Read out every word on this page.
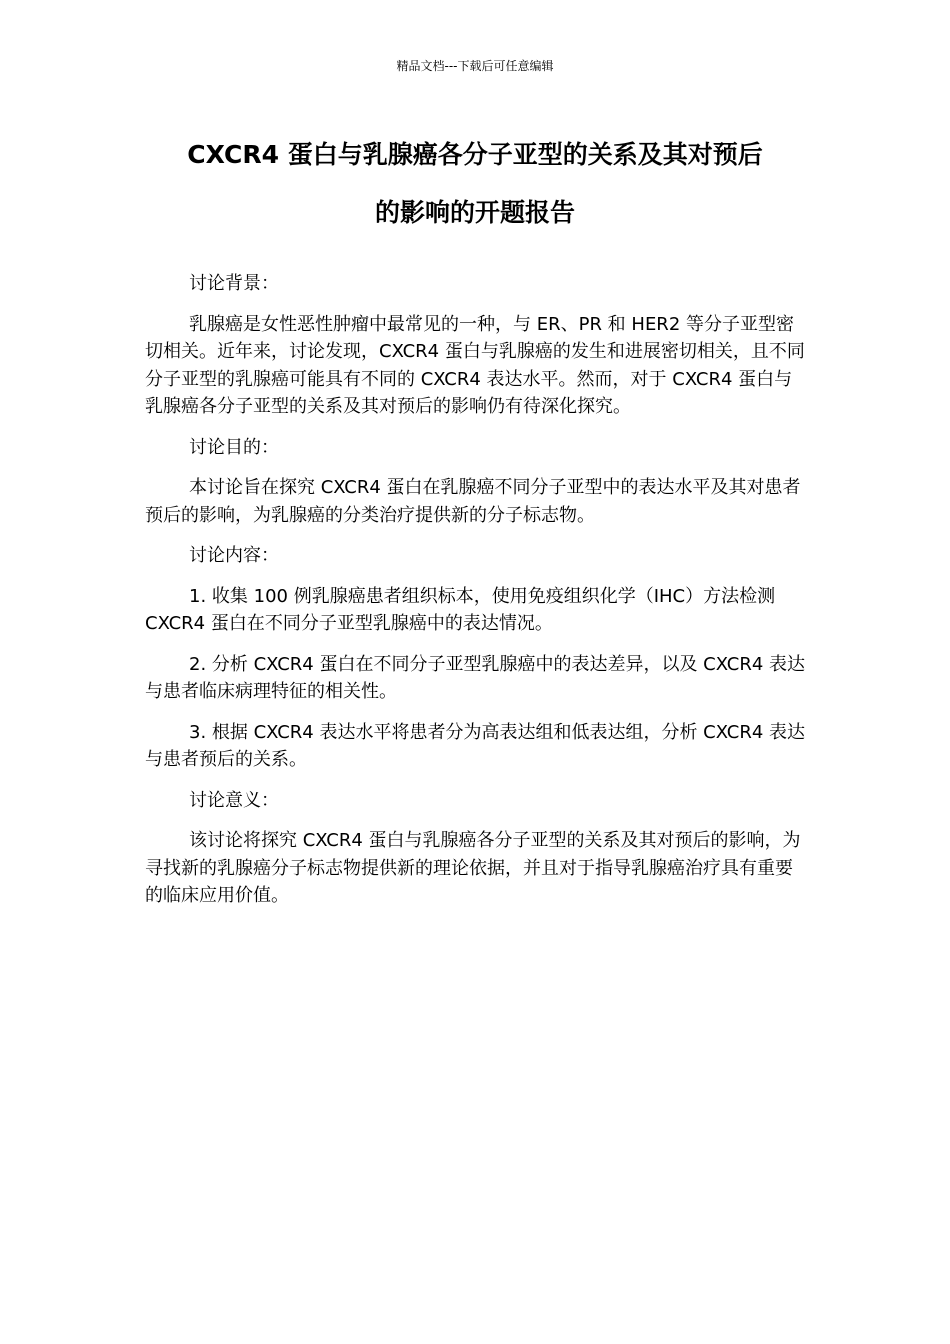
精品文档---下载后可任意编辑
CXCR4 蛋白与乳腺癌各分子亚型的关系及其对预后
的影响的开题报告

讨论背景：

乳腺癌是女性恶性肿瘤中最常见的一种，与 ER、PR 和 HER2 等分子亚型密切相关。近年来，讨论发现，CXCR4 蛋白与乳腺癌的发生和进展密切相关，且不同分子亚型的乳腺癌可能具有不同的 CXCR4 表达水平。然而，对于 CXCR4 蛋白与乳腺癌各分子亚型的关系及其对预后的影响仍有待深化探究。

讨论目的：

本讨论旨在探究 CXCR4 蛋白在乳腺癌不同分子亚型中的表达水平及其对患者预后的影响，为乳腺癌的分类治疗提供新的分子标志物。

讨论内容：

1. 收集 100 例乳腺癌患者组织标本，使用免疫组织化学（IHC）方法检测 CXCR4 蛋白在不同分子亚型乳腺癌中的表达情况。

2. 分析 CXCR4 蛋白在不同分子亚型乳腺癌中的表达差异，以及 CXCR4 表达与患者临床病理特征的相关性。

3. 根据 CXCR4 表达水平将患者分为高表达组和低表达组，分析 CXCR4 表达与患者预后的关系。

讨论意义：

该讨论将探究 CXCR4 蛋白与乳腺癌各分子亚型的关系及其对预后的影响，为寻找新的乳腺癌分子标志物提供新的理论依据，并且对于指导乳腺癌治疗具有重要的临床应用价值。
